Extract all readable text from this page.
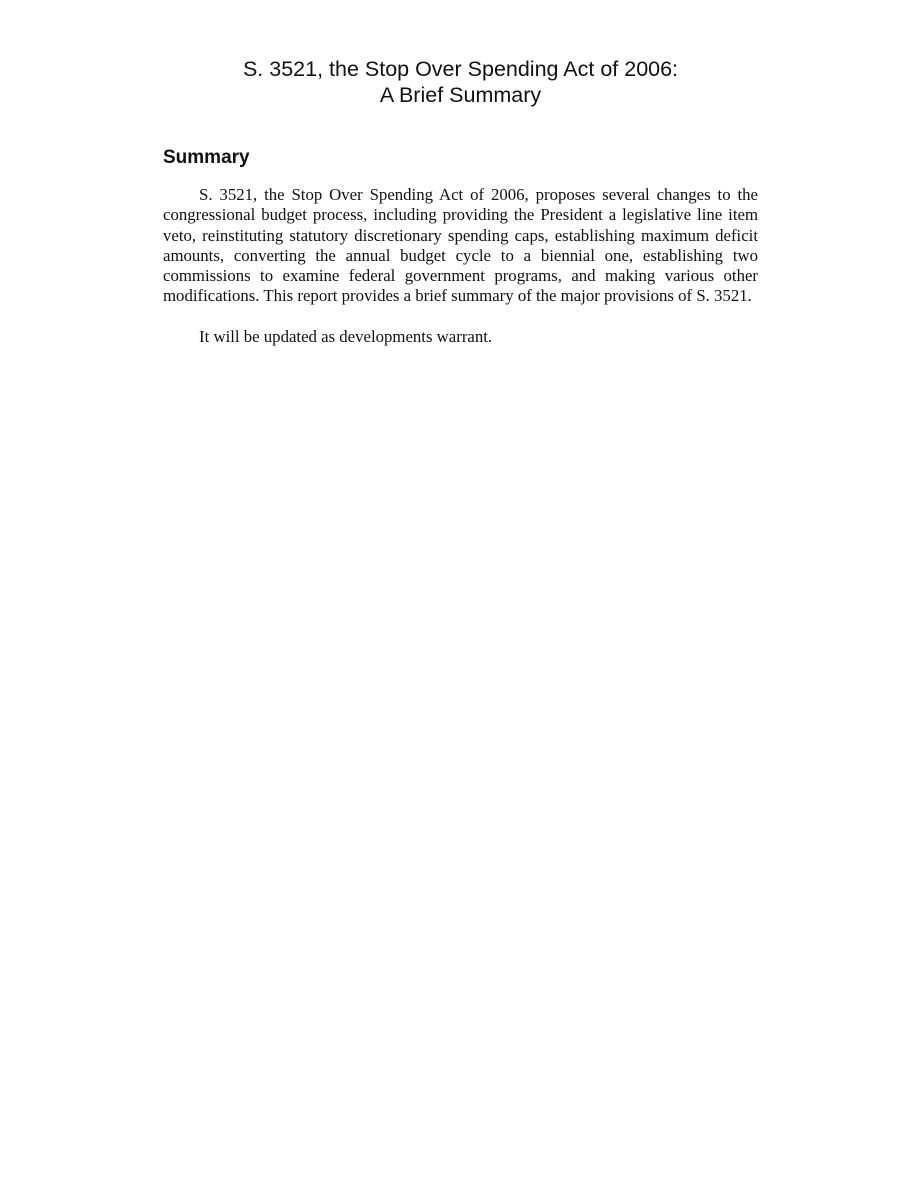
S. 3521, the Stop Over Spending Act of 2006:
A Brief Summary
Summary

S. 3521, the Stop Over Spending Act of 2006, proposes several changes to the congressional budget process, including providing the President a legislative line item veto, reinstituting statutory discretionary spending caps, establishing maximum deficit amounts, converting the annual budget cycle to a biennial one, establishing two commissions to examine federal government programs, and making various other modifications. This report provides a brief summary of the major provisions of S. 3521.

It will be updated as developments warrant.
